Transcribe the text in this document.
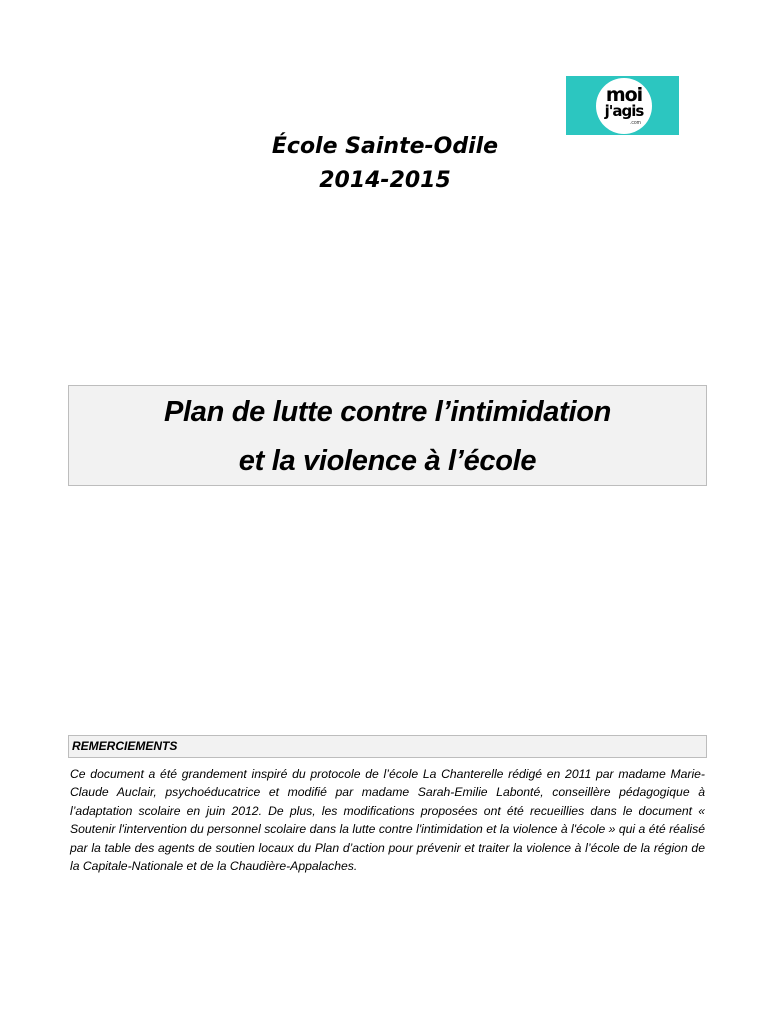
moi
j'agis
.com
École Sainte-Odile
2014-2015
Plan de lutte contre l’intimidation
et la violence à l’école
REMERCIEMENTS
Ce document a été grandement inspiré du protocole de l’école La Chanterelle rédigé en 2011 par madame Marie-Claude Auclair, psychoéducatrice et modifié par madame Sarah-Emilie Labonté, conseillère pédagogique à l’adaptation scolaire en juin 2012. De plus, les modifications proposées ont été recueillies dans le document « Soutenir l'intervention du personnel scolaire dans la lutte contre l'intimidation et la violence à l'école » qui a été réalisé par la table des agents de soutien locaux du Plan d’action pour prévenir et traiter la violence à l’école de la région de la Capitale-Nationale et de la Chaudière-Appalaches.
